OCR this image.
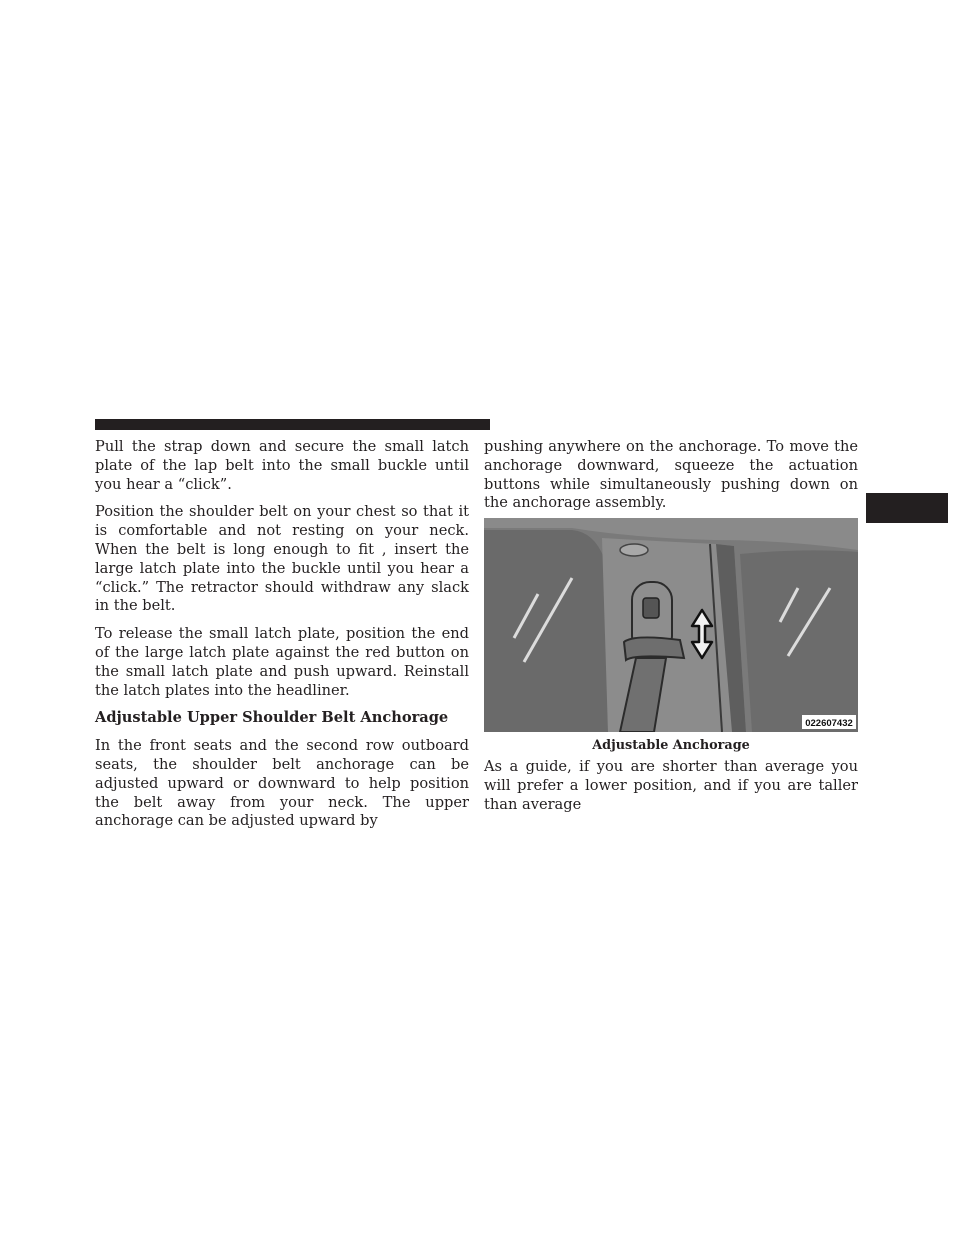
Pull the strap down and secure the small latch plate of the lap belt into the small buckle until you hear a “click”.

Position the shoulder belt on your chest so that it is comfortable and not resting on your neck. When the belt is long enough to fit , insert the large latch plate into the buckle until you hear a “click.” The retractor should withdraw any slack in the belt.

To release the small latch plate, position the end of the large latch plate against the red button on the small latch plate and push upward. Reinstall the latch plates into the headliner.

Adjustable Upper Shoulder Belt Anchorage

In the front seats and the second row outboard seats, the shoulder belt anchorage can be adjusted upward or downward to help position the belt away from your neck. The upper anchorage can be adjusted upward by

pushing anywhere on the anchorage. To move the anchorage downward, squeeze the actuation buttons while simultaneously pushing down on the anchorage assembly.

022607432
Adjustable Anchorage

As a guide, if you are shorter than average you will prefer a lower position, and if you are taller than average
